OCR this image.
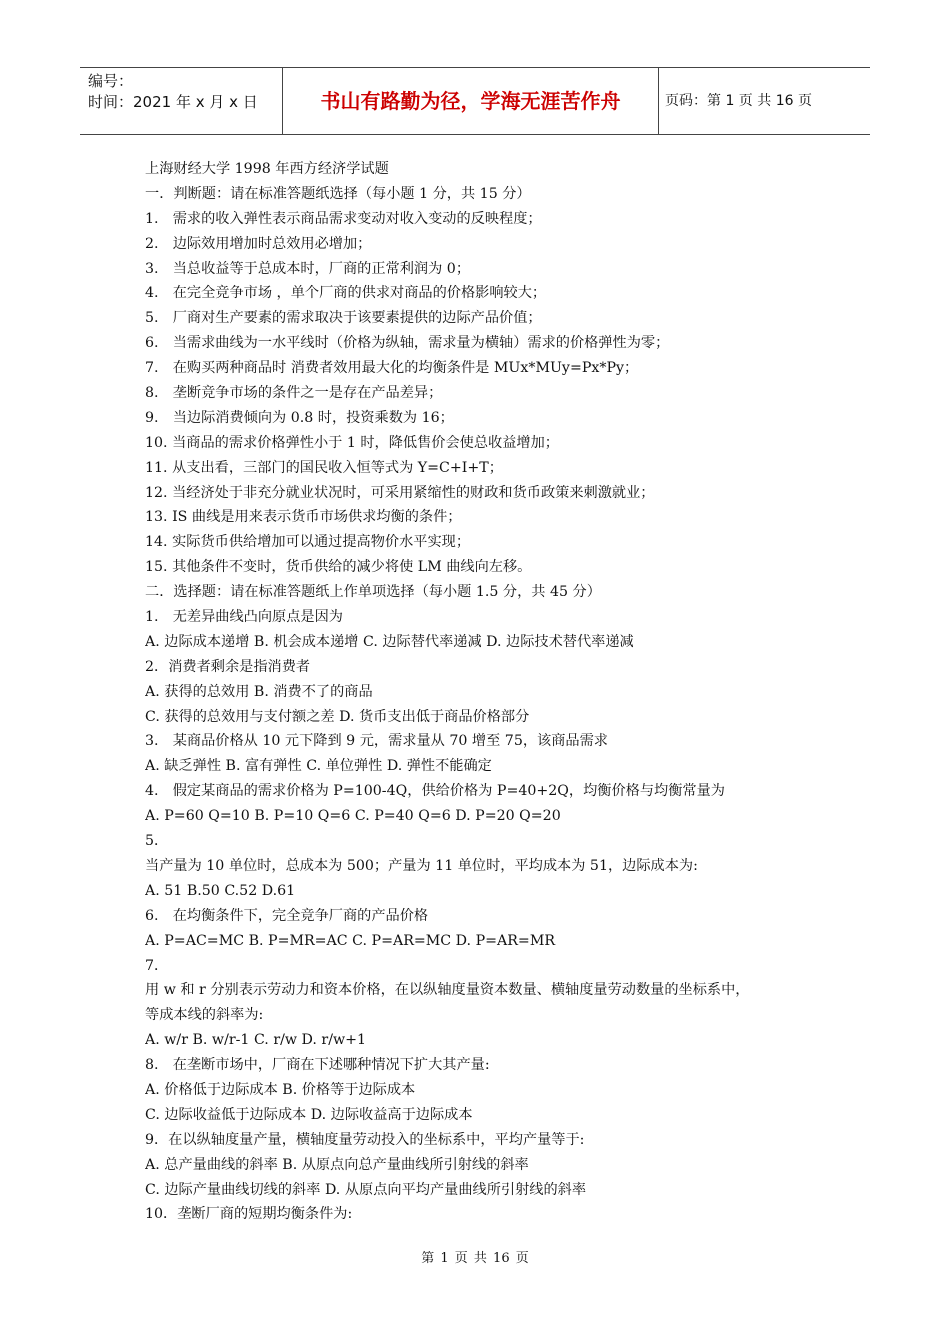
编号：
时间：2021 年 x 月 x 日	书山有路勤为径，学海无涯苦作舟	页码：第 1 页 共 16 页
上海财经大学 1998 年西方经济学试题
一．判断题：请在标准答题纸选择（每小题 1 分，共 15 分）
1.　需求的收入弹性表示商品需求变动对收入变动的反映程度；
2.　边际效用增加时总效用必增加；
3.　当总收益等于总成本时，厂商的正常利润为 0；
4.　在完全竞争市场 ，单个厂商的供求对商品的价格影响较大；
5.　厂商对生产要素的需求取决于该要素提供的边际产品价值；
6.　当需求曲线为一水平线时（价格为纵轴，需求量为横轴）需求的价格弹性为零；
7.　在购买两种商品时 消费者效用最大化的均衡条件是 MUx*MUy=Px*Py；
8.　垄断竞争市场的条件之一是存在产品差异；
9.　当边际消费倾向为 0.8 时，投资乘数为 16；
10. 当商品的需求价格弹性小于 1 时，降低售价会使总收益增加；
11. 从支出看，三部门的国民收入恒等式为 Y=C+I+T；
12. 当经济处于非充分就业状况时，可采用紧缩性的财政和货币政策来刺激就业；
13. IS 曲线是用来表示货币市场供求均衡的条件；
14. 实际货币供给增加可以通过提高物价水平实现；
15. 其他条件不变时，货币供给的减少将使 LM 曲线向左移。
二．选择题：请在标准答题纸上作单项选择（每小题 1.5 分，共 45 分）
1.　无差异曲线凸向原点是因为
A. 边际成本递增 B. 机会成本递增 C. 边际替代率递减 D. 边际技术替代率递减
2．消费者剩余是指消费者
A. 获得的总效用 B. 消费不了的商品
C. 获得的总效用与支付额之差 D. 货币支出低于商品价格部分
3.　某商品价格从 10 元下降到 9 元，需求量从 70 增至 75，该商品需求
A. 缺乏弹性 B. 富有弹性 C. 单位弹性 D. 弹性不能确定
4.　假定某商品的需求价格为 P=100-4Q，供给价格为 P=40+2Q，均衡价格与均衡常量为
A. P=60 Q=10 B. P=10 Q=6 C. P=40 Q=6 D. P=20 Q=20
5．
当产量为 10 单位时，总成本为 500；产量为 11 单位时，平均成本为 51，边际成本为:
A. 51 B.50 C.52 D.61
6.　在均衡条件下，完全竞争厂商的产品价格
A. P=AC=MC B. P=MR=AC C. P=AR=MC D. P=AR=MR
7．
用 w 和 r 分别表示劳动力和资本价格，在以纵轴度量资本数量、横轴度量劳动数量的坐标系中，
等成本线的斜率为:
A. w/r B. w/r-1 C. r/w D. r/w+1
8.　在垄断市场中，厂商在下述哪种情况下扩大其产量:
A. 价格低于边际成本 B. 价格等于边际成本
C. 边际收益低于边际成本 D. 边际收益高于边际成本
9．在以纵轴度量产量，横轴度量劳动投入的坐标系中，平均产量等于:
A. 总产量曲线的斜率 B. 从原点向总产量曲线所引射线的斜率
C. 边际产量曲线切线的斜率 D. 从原点向平均产量曲线所引射线的斜率
10．垄断厂商的短期均衡条件为:
第 1 页 共 16 页
